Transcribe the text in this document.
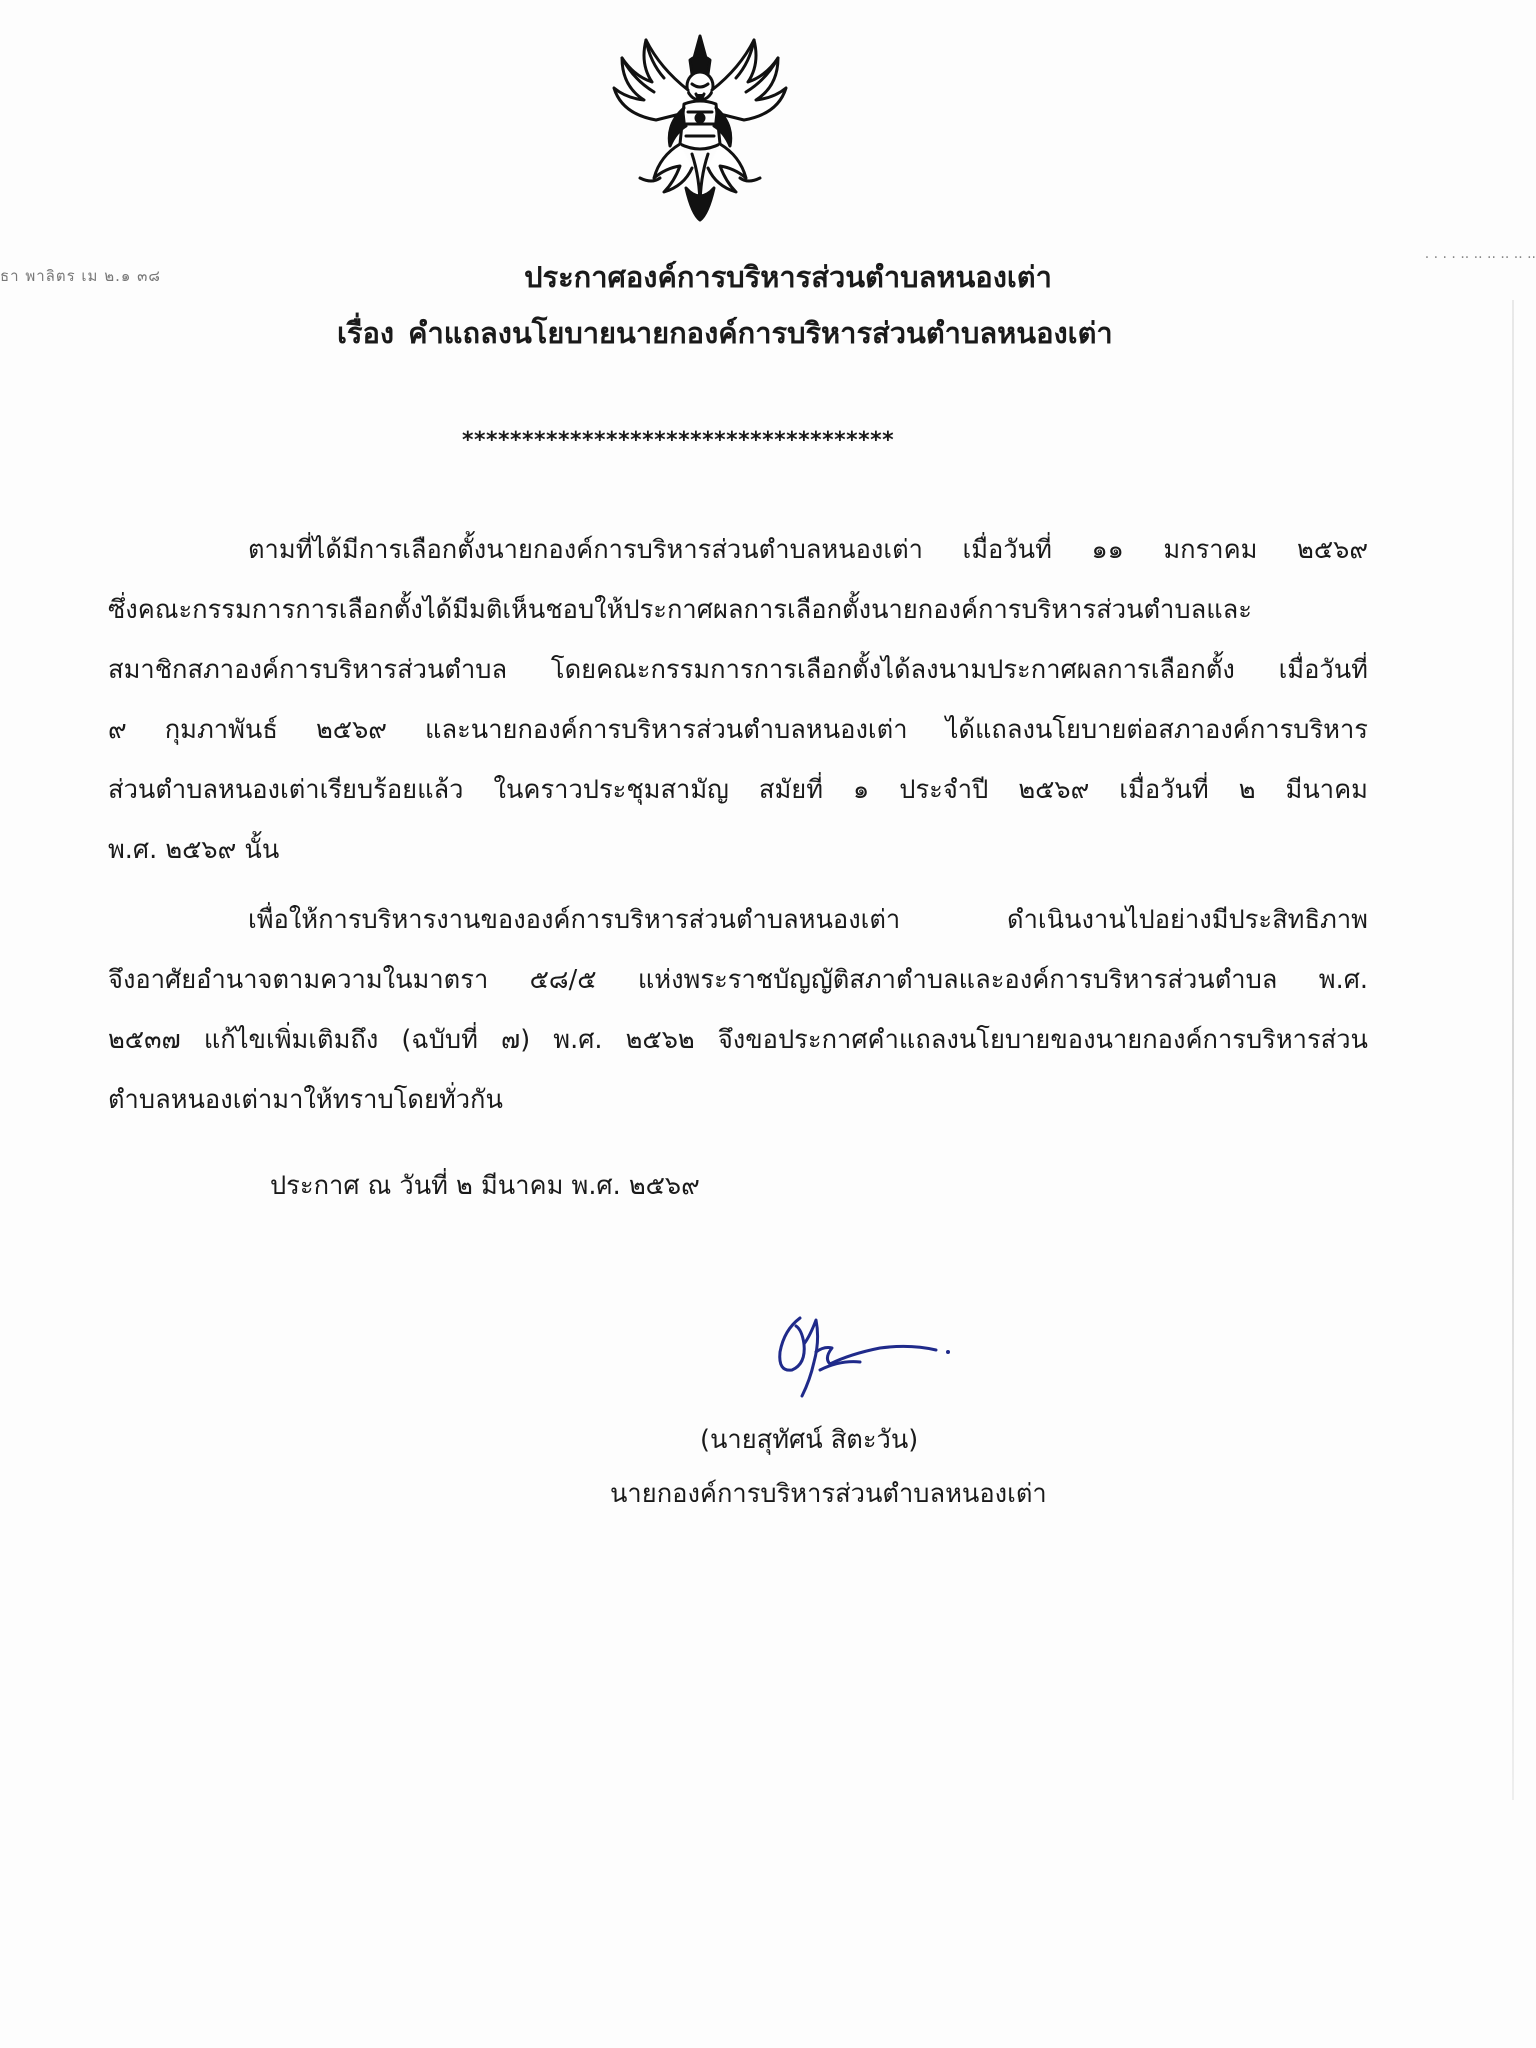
ธา พาลิตร เม ๒.๑ ๓๘
· · · · ·· ·· ·· ·· ·· ··
ประกาศองค์การบริหารส่วนตำบลหนองเต่า
เรื่อง คำแถลงนโยบายนายกองค์การบริหารส่วนตำบลหนองเต่า
************************************
ตามที่ได้มีการเลือกตั้งนายกองค์การบริหารส่วนตำบลหนองเต่า เมื่อวันที่ ๑๑ มกราคม ๒๕๖๙
ซึ่งคณะกรรมการการเลือกตั้งได้มีมติเห็นชอบให้ประกาศผลการเลือกตั้งนายกองค์การบริหารส่วนตำบลและ
สมาชิกสภาองค์การบริหารส่วนตำบล โดยคณะกรรมการการเลือกตั้งได้ลงนามประกาศผลการเลือกตั้ง เมื่อวันที่
๙ กุมภาพันธ์ ๒๕๖๙ และนายกองค์การบริหารส่วนตำบลหนองเต่า ได้แถลงนโยบายต่อสภาองค์การบริหาร
ส่วนตำบลหนองเต่าเรียบร้อยแล้ว ในคราวประชุมสามัญ สมัยที่ ๑ ประจำปี ๒๕๖๙ เมื่อวันที่ ๒ มีนาคม
พ.ศ. ๒๕๖๙ นั้น
เพื่อให้การบริหารงานขององค์การบริหารส่วนตำบลหนองเต่า ดำเนินงานไปอย่างมีประสิทธิภาพ
จึงอาศัยอำนาจตามความในมาตรา ๕๘/๕ แห่งพระราชบัญญัติสภาตำบลและองค์การบริหารส่วนตำบล พ.ศ.
๒๕๓๗ แก้ไขเพิ่มเติมถึง (ฉบับที่ ๗) พ.ศ. ๒๕๖๒ จึงขอประกาศคำแถลงนโยบายของนายกองค์การบริหารส่วน
ตำบลหนองเต่ามาให้ทราบโดยทั่วกัน
ประกาศ ณ วันที่ ๒ มีนาคม พ.ศ. ๒๕๖๙
(นายสุทัศน์ สิตะวัน)
นายกองค์การบริหารส่วนตำบลหนองเต่า
